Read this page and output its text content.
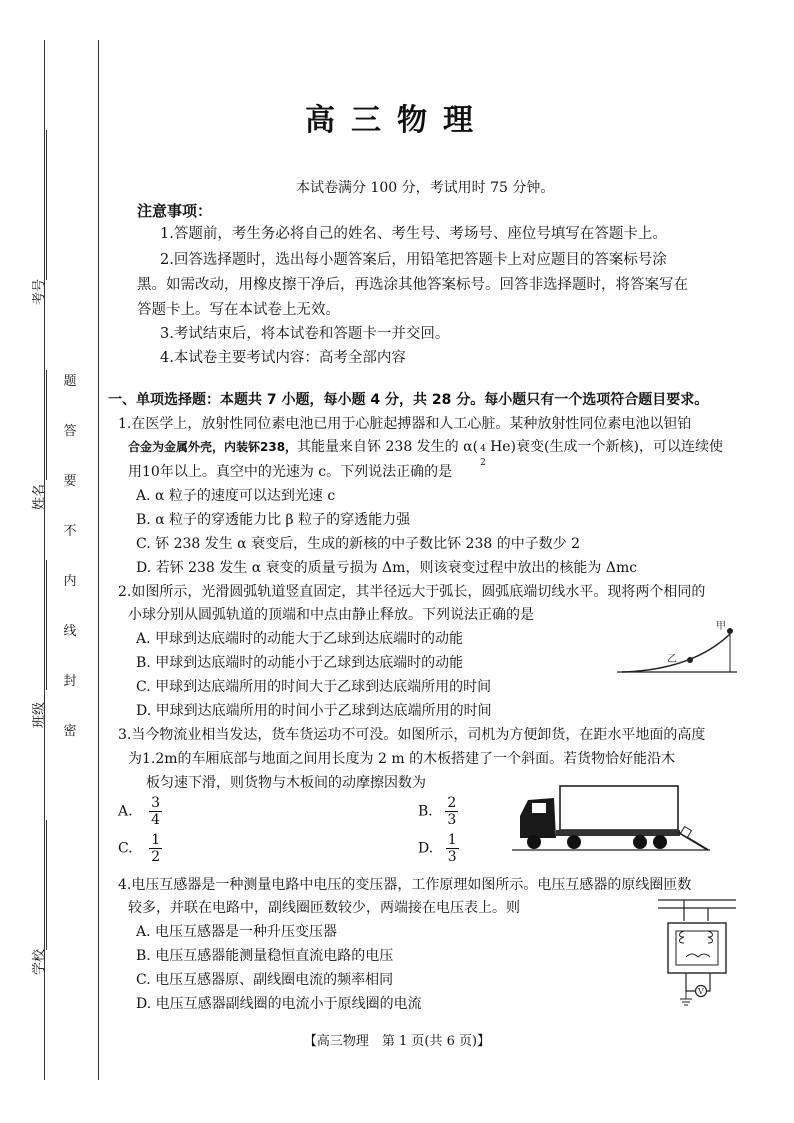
题
答
要
不
内
线
封
密
考号
姓名
班级
学校
高三物理
本试卷满分 100 分，考试用时 75 分钟。
注意事项：
1.答题前，考生务必将自己的姓名、考生号、考场号、座位号填写在答题卡上。
2.回答选择题时，选出每小题答案后，用铅笔把答题卡上对应题目的答案标号涂
黑。如需改动，用橡皮擦干净后，再选涂其他答案标号。回答非选择题时，将答案写在
答题卡上。写在本试卷上无效。
3.考试结束后，将本试卷和答题卡一并交回。
4.本试卷主要考试内容：高考全部内容
一、单项选择题：本题共 7 小题，每小题 4 分，共 28 分。每小题只有一个选项符合题目要求。
1.在医学上，放射性同位素电池已用于心脏起搏器和人工心脏。某种放射性同位素电池以钽铂
合金为金属外壳，内装钚238，其能量来自钚 238 发生的 α( 4
2
He)衰变(生成一个新核)，可以连续使
用10年以上。真空中的光速为 c。下列说法正确的是
A. α 粒子的速度可以达到光速 c
B. α 粒子的穿透能力比 β 粒子的穿透能力强
C. 钚 238 发生 α 衰变后，生成的新核的中子数比钚 238 的中子数少 2
D. 若钚 238 发生 α 衰变的质量亏损为 Δm，则该衰变过程中放出的核能为 Δmc
2.如图所示，光滑圆弧轨道竖直固定，其半径远大于弧长，圆弧底端切线水平。现将两个相同的
小球分别从圆弧轨道的顶端和中点由静止释放。下列说法正确的是
A. 甲球到达底端时的动能大于乙球到达底端时的动能
B. 甲球到达底端时的动能小于乙球到达底端时的动能
C. 甲球到达底端所用的时间大于乙球到达底端所用的时间
D. 甲球到达底端所用的时间小于乙球到达底端所用的时间
甲
乙
3.当今物流业相当发达，货车货运功不可没。如图所示，司机为方便卸货，在距水平地面的高度
为1.2m的车厢底部与地面之间用长度为 2 m 的木板搭建了一个斜面。若货物恰好能沿木
板匀速下滑，则货物与木板间的动摩擦因数为
A. $\frac{3}{4}$	B. $\frac{2}{3}$
C. $\frac{1}{2}$	D. $\frac{1}{3}$
4.电压互感器是一种测量电路中电压的变压器，工作原理如图所示。电压互感器的原线圈匝数
较多，并联在电路中，副线圈匝数较少，两端接在电压表上。则
A. 电压互感器是一种升压变压器
B. 电压互感器能测量稳恒直流电路的电压
C. 电压互感器原、副线圈电流的频率相同
D. 电压互感器副线圈的电流小于原线圈的电流
V
【高三物理　第 1 页(共 6 页)】
